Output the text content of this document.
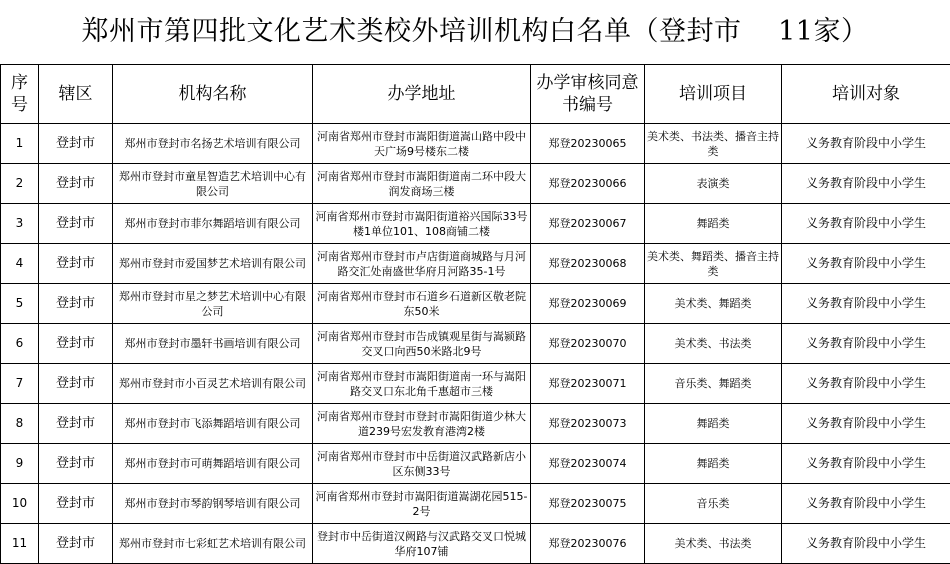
郑州市第四批文化艺术类校外培训机构白名单（登封市　 11家）
序号	辖区	机构名称	办学地址	办学审核同意书编号	培训项目	培训对象

1	登封市	郑州市登封市名扬艺术培训有限公司	河南省郑州市登封市嵩阳街道嵩山路中段中天广场9号楼东二楼	郑登20230065	美术类、书法类、播音主持类	义务教育阶段中小学生

2	登封市	郑州市登封市童星智造艺术培训中心有限公司	河南省郑州市登封市嵩阳街道南二环中段大润发商场三楼	郑登20230066	表演类	义务教育阶段中小学生

3	登封市	郑州市登封市菲尔舞蹈培训有限公司	河南省郑州市登封市嵩阳街道裕兴国际33号楼1单位101、108商铺二楼	郑登20230067	舞蹈类	义务教育阶段中小学生

4	登封市	郑州市登封市爱国梦艺术培训有限公司	河南省郑州市登封市卢店街道商城路与月河路交汇处南盛世华府月河路35-1号	郑登20230068	美术类、舞蹈类、播音主持类	义务教育阶段中小学生

5	登封市	郑州市登封市星之梦艺术培训中心有限公司	河南省郑州市登封市石道乡石道新区敬老院东50米	郑登20230069	美术类、舞蹈类	义务教育阶段中小学生

6	登封市	郑州市登封市墨轩书画培训有限公司	河南省郑州市登封市告成镇观星街与嵩颍路交叉口向西50米路北9号	郑登20230070	美术类、书法类	义务教育阶段中小学生

7	登封市	郑州市登封市小百灵艺术培训有限公司	河南省郑州市登封市嵩阳街道南一环与嵩阳路交叉口东北角千惠超市三楼	郑登20230071	音乐类、舞蹈类	义务教育阶段中小学生

8	登封市	郑州市登封市飞添舞蹈培训有限公司	河南省郑州市登封市登封市嵩阳街道少林大道239号宏发教育港湾2楼	郑登20230073	舞蹈类	义务教育阶段中小学生

9	登封市	郑州市登封市可萌舞蹈培训有限公司	河南省郑州市登封市中岳街道汉武路新店小区东侧33号	郑登20230074	舞蹈类	义务教育阶段中小学生

10	登封市	郑州市登封市琴韵钢琴培训有限公司	河南省郑州市登封市嵩阳街道嵩湖花园515-2号	郑登20230075	音乐类	义务教育阶段中小学生

11	登封市	郑州市登封市七彩虹艺术培训有限公司	登封市中岳街道汉阙路与汉武路交叉口悦城华府107铺	郑登20230076	美术类、书法类	义务教育阶段中小学生
